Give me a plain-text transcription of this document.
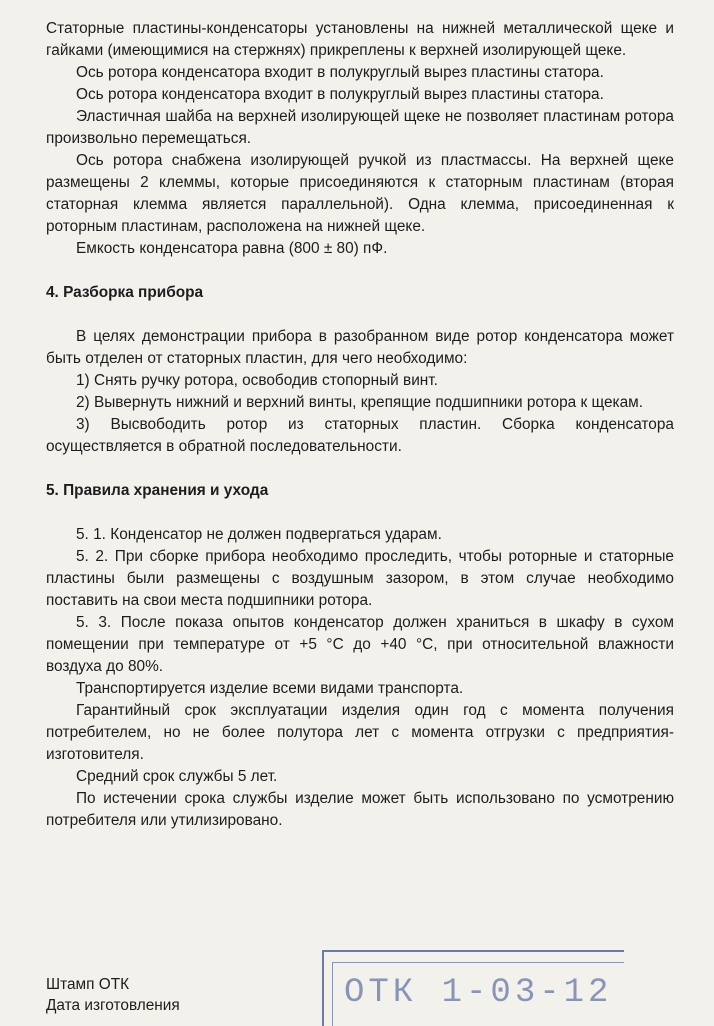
Статорные пластины-конденсаторы установлены на нижней металлической щеке и гайками (имеющимися на стержнях) прикреплены к верхней изолирующей щеке.

Ось ротора конденсатора входит в полукруглый вырез пластины статора.

Ось ротора конденсатора входит в полукруглый вырез пластины статора.

Эластичная шайба на верхней изолирующей щеке не позволяет пластинам ротора произвольно перемещаться.

Ось ротора снабжена изолирующей ручкой из пластмассы. На верхней щеке размещены 2 клеммы, которые присоединяются к статорным пластинам (вторая статорная клемма является параллельной). Одна клемма, присоединенная к роторным пластинам, расположена на нижней щеке.

Емкость конденсатора равна (800 ± 80) пФ.

4. Разборка прибора

В целях демонстрации прибора в разобранном виде ротор конденсатора может быть отделен от статорных пластин, для чего необходимо:

1) Снять ручку ротора, освободив стопорный винт.

2) Вывернуть нижний и верхний винты, крепящие подшипники ротора к щекам.

3) Высвободить ротор из статорных пластин. Сборка конденсатора осуществляется в обратной последовательности.

5. Правила хранения и ухода

5. 1. Конденсатор не должен подвергаться ударам.

5. 2. При сборке прибора необходимо проследить, чтобы роторные и статорные пластины были размещены с воздушным зазором, в этом случае необходимо поставить на свои места подшипники ротора.

5. 3. После показа опытов конденсатор должен храниться в шкафу в сухом помещении при температуре от +5 °C до +40 °C, при относительной влажности воздуха до 80%.

Транспортируется изделие всеми видами транспорта.

Гарантийный срок эксплуатации изделия один год с момента получения потребителем, но не более полутора лет с момента отгрузки с предприятия-изготовителя.

Средний срок службы 5 лет.

По истечении срока службы изделие может быть использовано по усмотрению потребителя или утилизировано.

Штамп ОТК
Дата изготовления	ОТК 1-03-12
